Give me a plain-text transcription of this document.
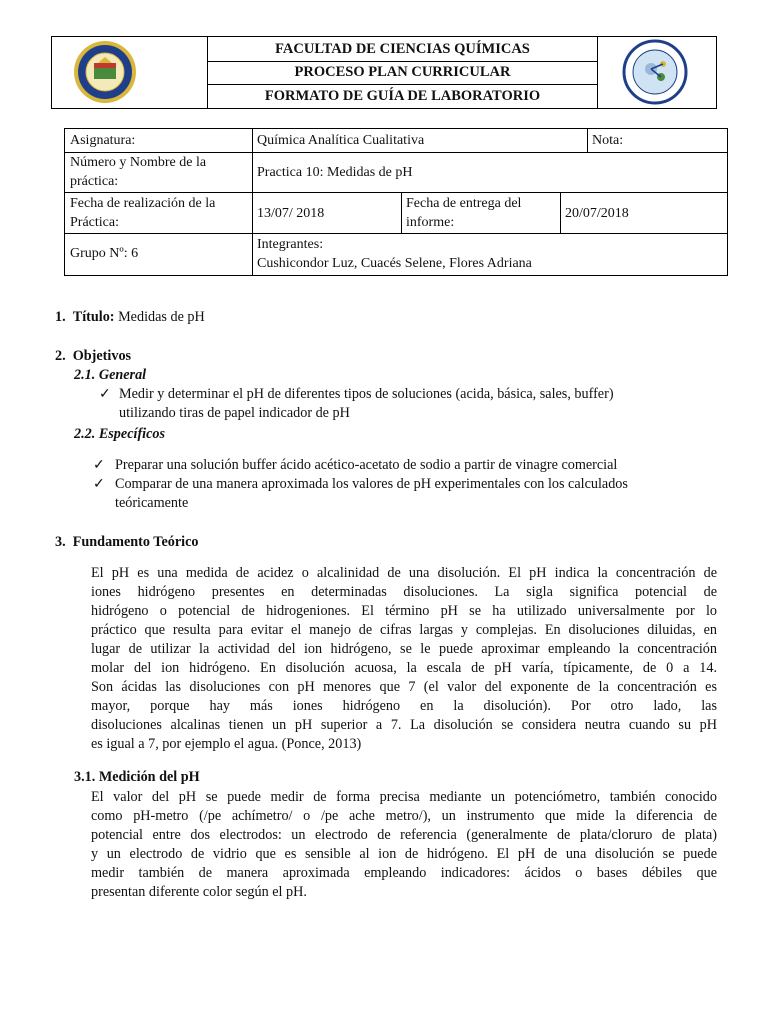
FACULTAD DE CIENCIAS QUÍMICAS
PROCESO PLAN CURRICULAR
FORMATO DE GUÍA DE LABORATORIO
Asignatura:	Química Analítica Cualitativa	Nota:
Número y Nombre de la
práctica:
Practica 10: Medidas de pH
Fecha de realización de la
Práctica:
13/07/ 2018
Fecha de entrega del
informe:
20/07/2018
Grupo Nº: 6
Integrantes:
Cushicondor Luz, Cuacés Selene, Flores Adriana
1. Título: Medidas de pH
2. Objetivos
2.1. General
✓ Medir y determinar el pH de diferentes tipos de soluciones (acida, básica, sales, buffer)
utilizando tiras de papel indicador de pH
2.2. Específicos
✓ Preparar una solución buffer ácido acético-acetato de sodio a partir de vinagre comercial
✓ Comparar de una manera aproximada los valores de pH experimentales con los calculados
teóricamente
3. Fundamento Teórico
El pH es una medida de acidez o alcalinidad de una disolución. El pH indica la concentración de
iones hidrógeno presentes en determinadas disoluciones. La sigla significa potencial de
hidrógeno o potencial de hidrogeniones. El término pH se ha utilizado universalmente por lo
práctico que resulta para evitar el manejo de cifras largas y complejas. En disoluciones diluidas, en
lugar de utilizar la actividad del ion hidrógeno, se le puede aproximar empleando la concentración
molar del ion hidrógeno. En disolución acuosa, la escala de pH varía, típicamente, de 0 a 14.
Son ácidas las disoluciones con pH menores que 7 (el valor del exponente de la concentración es
mayor, porque hay más iones hidrógeno en la disolución). Por otro lado, las
disoluciones alcalinas tienen un pH superior a 7. La disolución se considera neutra cuando su pH
es igual a 7, por ejemplo el agua. (Ponce, 2013)
3.1. Medición del pH
El valor del pH se puede medir de forma precisa mediante un potenciómetro, también conocido
como pH-metro (/pe achímetro/ o /pe ache metro/), un instrumento que mide la diferencia de
potencial entre dos electrodos: un electrodo de referencia (generalmente de plata/cloruro de plata)
y un electrodo de vidrio que es sensible al ion de hidrógeno. El pH de una disolución se puede
medir también de manera aproximada empleando indicadores: ácidos o bases débiles que
presentan diferente color según el pH.
